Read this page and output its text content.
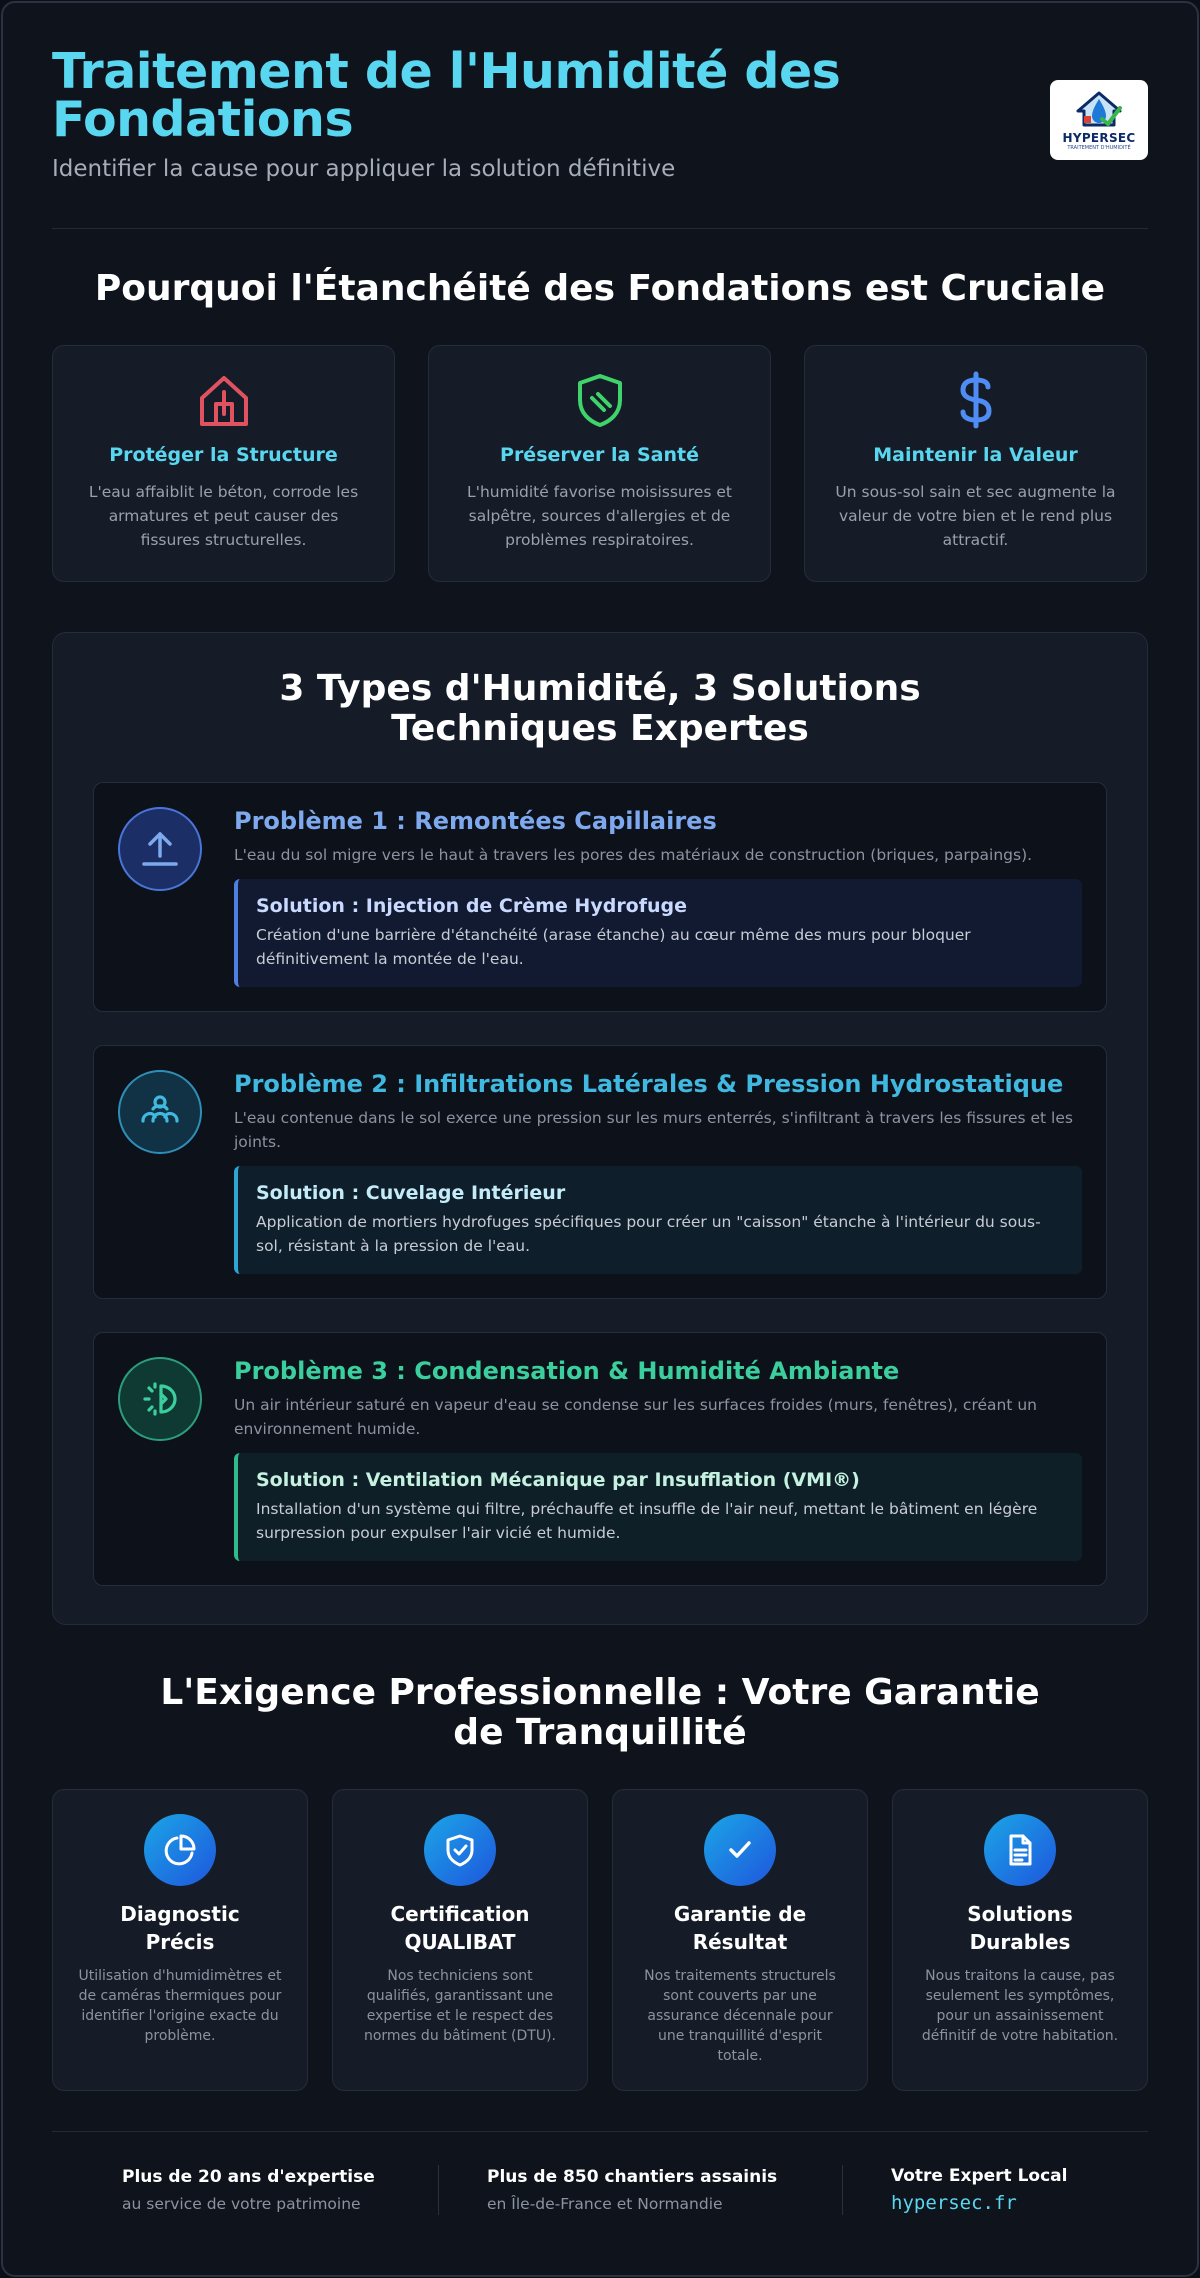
Traitement de l'Humidité des Fondations
Identifier la cause pour appliquer la solution définitive
HYPERSEC
TRAITEMENT D'HUMIDITÉ
Pourquoi l'Étanchéité des Fondations est Cruciale
Protéger la Structure
L'eau affaiblit le béton, corrode les armatures et peut causer des fissures structurelles.
Préserver la Santé
L'humidité favorise moisissures et salpêtre, sources d'allergies et de problèmes respiratoires.
Maintenir la Valeur
Un sous-sol sain et sec augmente la valeur de votre bien et le rend plus attractif.
3 Types d'Humidité, 3 Solutions Techniques Expertes
Problème 1 : Remontées Capillaires
L'eau du sol migre vers le haut à travers les pores des matériaux de construction (briques, parpaings).
Solution : Injection de Crème Hydrofuge
Création d'une barrière d'étanchéité (arase étanche) au cœur même des murs pour bloquer définitivement la montée de l'eau.
Problème 2 : Infiltrations Latérales & Pression Hydrostatique
L'eau contenue dans le sol exerce une pression sur les murs enterrés, s'infiltrant à travers les fissures et les joints.
Solution : Cuvelage Intérieur
Application de mortiers hydrofuges spécifiques pour créer un "caisson" étanche à l'intérieur du sous-sol, résistant à la pression de l'eau.
Problème 3 : Condensation & Humidité Ambiante
Un air intérieur saturé en vapeur d'eau se condense sur les surfaces froides (murs, fenêtres), créant un environnement humide.
Solution : Ventilation Mécanique par Insufflation (VMI®)
Installation d'un système qui filtre, préchauffe et insuffle de l'air neuf, mettant le bâtiment en légère surpression pour expulser l'air vicié et humide.
L'Exigence Professionnelle : Votre Garantie de Tranquillité
Diagnostic Précis
Utilisation d'humidimètres et de caméras thermiques pour identifier l'origine exacte du problème.
Certification QUALIBAT
Nos techniciens sont qualifiés, garantissant une expertise et le respect des normes du bâtiment (DTU).
Garantie de Résultat
Nos traitements structurels sont couverts par une assurance décennale pour une tranquillité d'esprit totale.
Solutions Durables
Nous traitons la cause, pas seulement les symptômes, pour un assainissement définitif de votre habitation.
Plus de 20 ans d'expertise
au service de votre patrimoine
Plus de 850 chantiers assainis
en Île-de-France et Normandie
Votre Expert Local
hypersec.fr
